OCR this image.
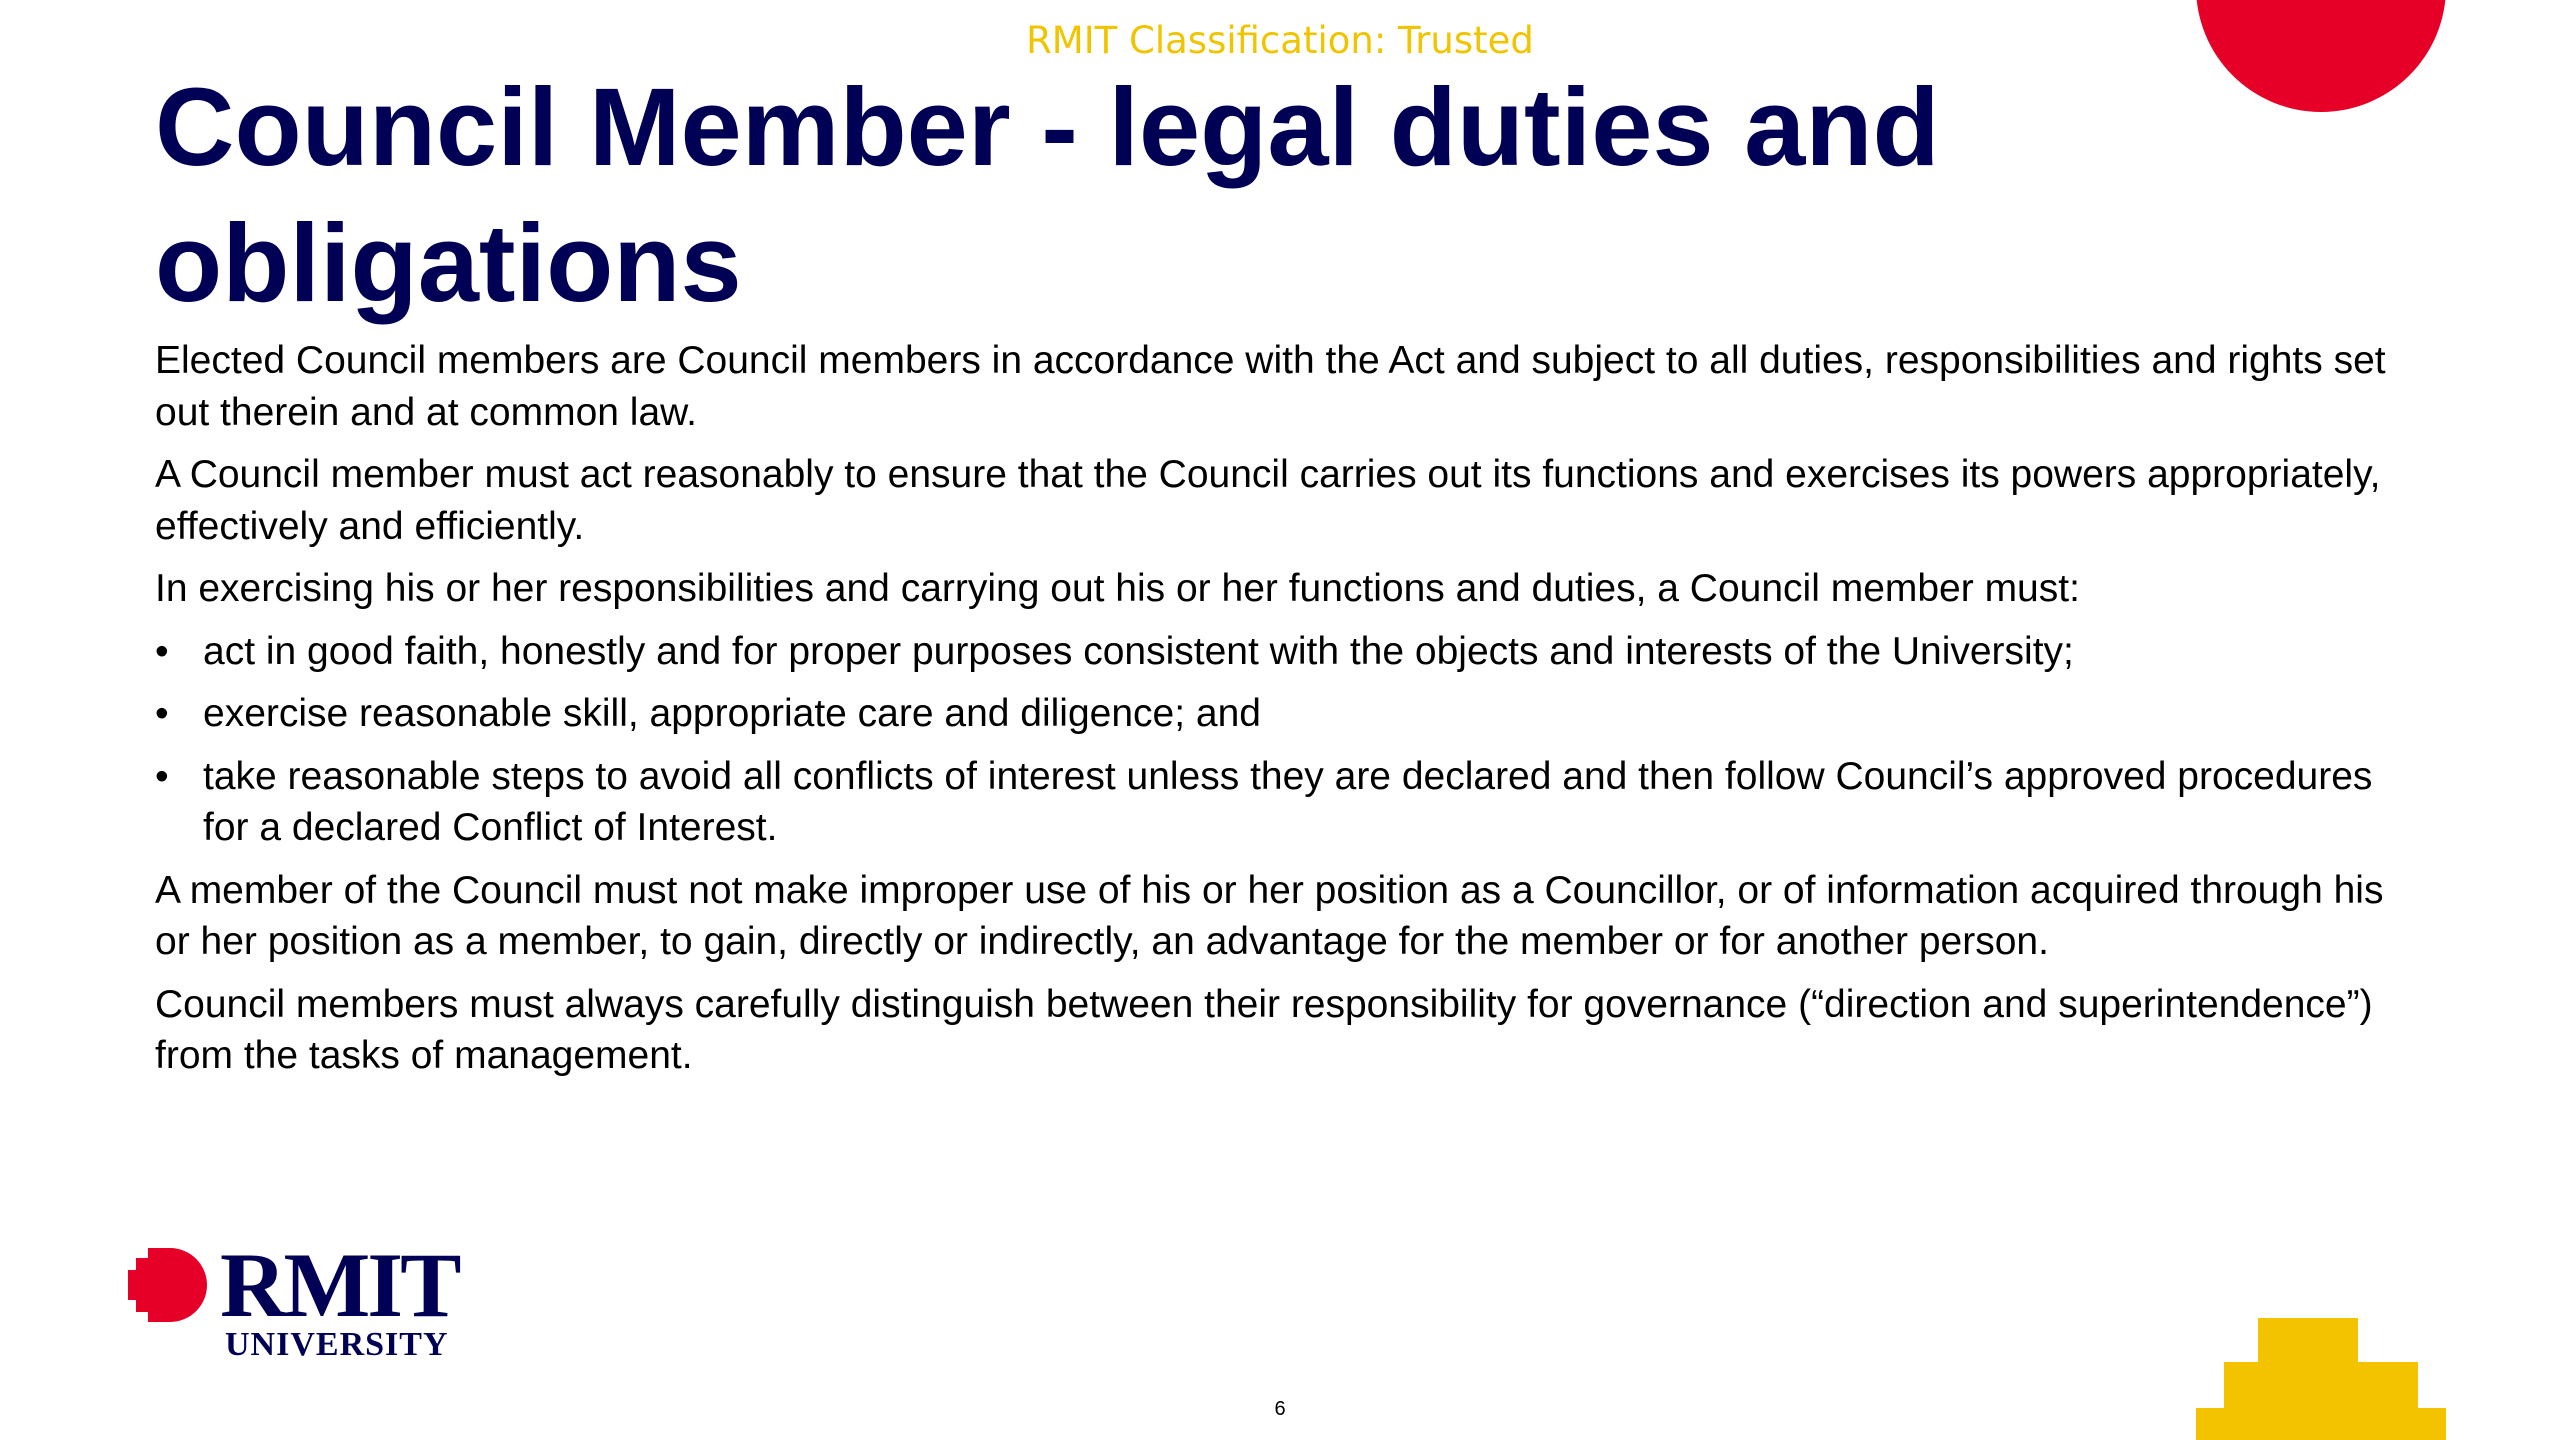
RMIT Classification: Trusted
Council Member - legal duties and obligations

Elected Council members are Council members in accordance with the Act and subject to all duties, responsibilities and rights set out therein and at common law.

A Council member must act reasonably to ensure that the Council carries out its functions and exercises its powers appropriately, effectively and efficiently.

In exercising his or her responsibilities and carrying out his or her functions and duties, a Council member must:

• act in good faith, honestly and for proper purposes consistent with the objects and interests of the University;
• exercise reasonable skill, appropriate care and diligence; and
• take reasonable steps to avoid all conflicts of interest unless they are declared and then follow Council’s approved procedures for a declared Conflict of Interest.

A member of the Council must not make improper use of his or her position as a Councillor, or of information acquired through his or her position as a member, to gain, directly or indirectly, an advantage for the member or for another person.

Council members must always carefully distinguish between their responsibility for governance (“direction and superintendence”) from the tasks of management.

RMIT
UNIVERSITY
6
